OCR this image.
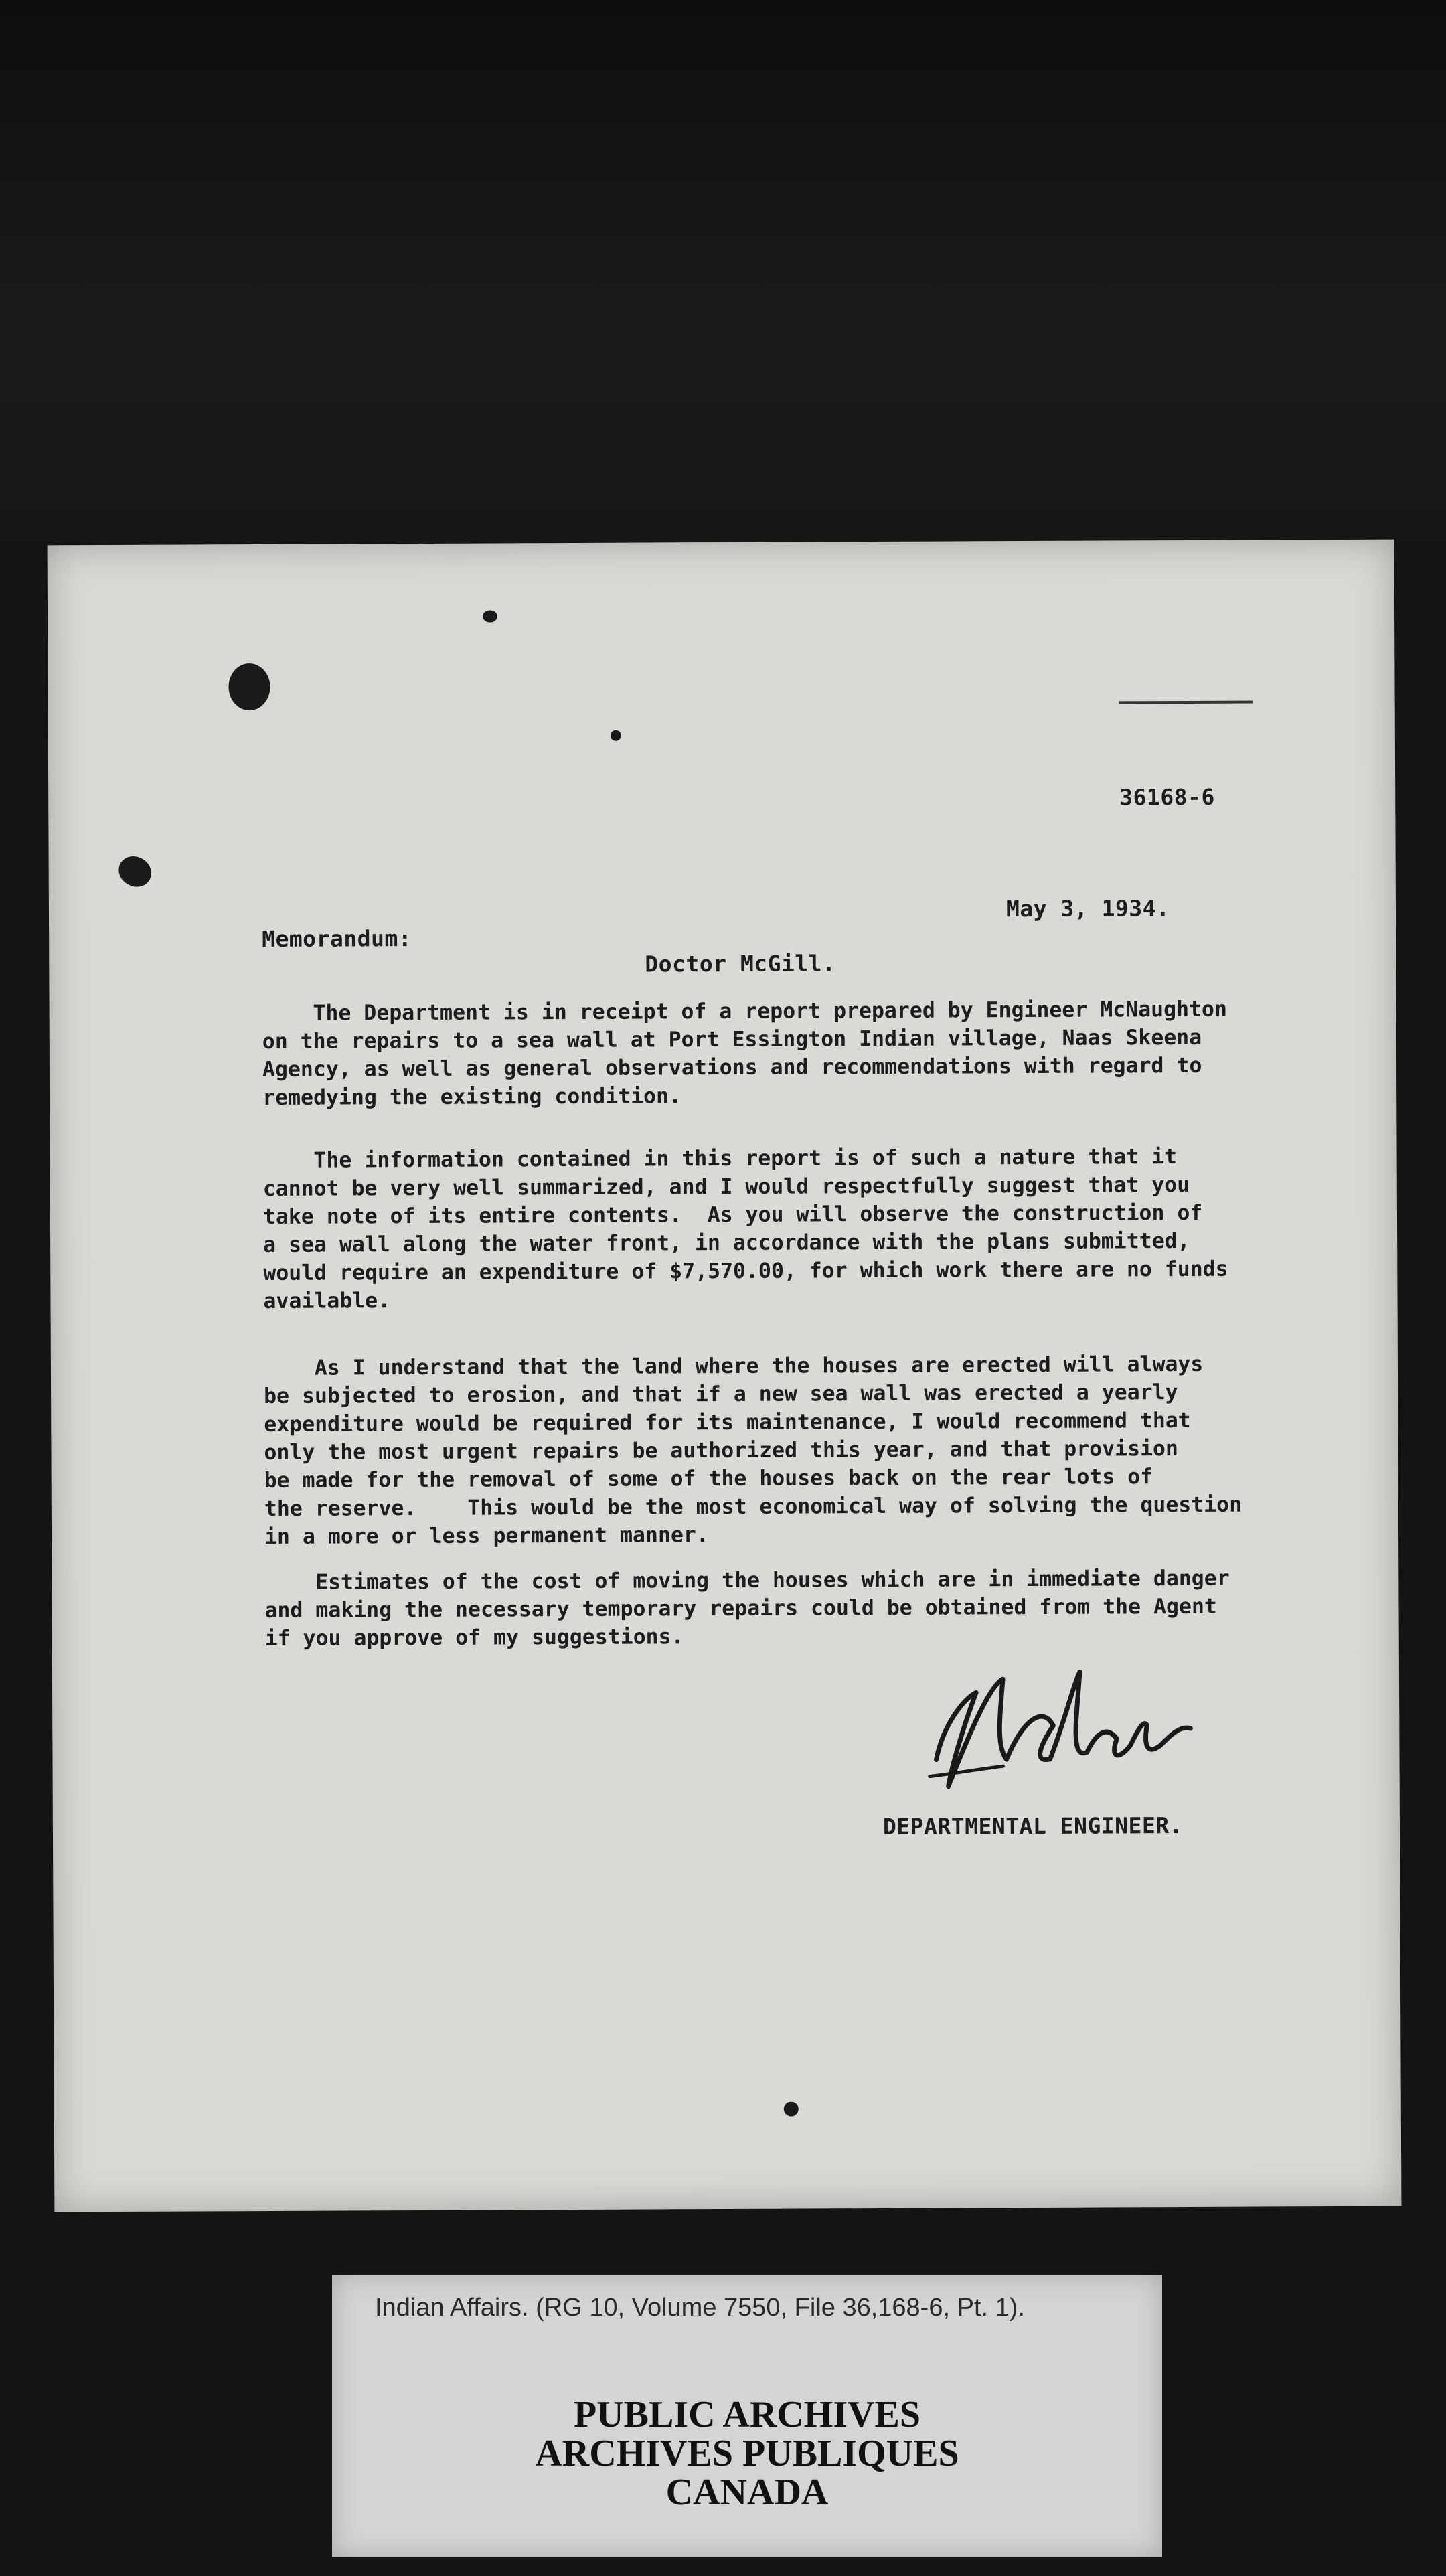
36168-6
May 3, 1934.
Memorandum:
Doctor McGill.
The Department is in receipt of a report prepared by Engineer McNaughton
on the repairs to a sea wall at Port Essington Indian village, Naas Skeena
Agency, as well as general observations and recommendations with regard to
remedying the existing condition.
The information contained in this report is of such a nature that it
cannot be very well summarized, and I would respectfully suggest that you
take note of its entire contents.  As you will observe the construction of
a sea wall along the water front, in accordance with the plans submitted,
would require an expenditure of $7,570.00, for which work there are no funds
available.
As I understand that the land where the houses are erected will always
be subjected to erosion, and that if a new sea wall was erected a yearly
expenditure would be required for its maintenance, I would recommend that
only the most urgent repairs be authorized this year, and that provision
be made for the removal of some of the houses back on the rear lots of
the reserve.    This would be the most economical way of solving the question
in a more or less permanent manner.
Estimates of the cost of moving the houses which are in immediate danger
and making the necessary temporary repairs could be obtained from the Agent
if you approve of my suggestions.
DEPARTMENTAL ENGINEER.
Indian Affairs. (RG 10, Volume 7550, File 36,168-6, Pt. 1).
PUBLIC ARCHIVES
ARCHIVES PUBLIQUES
CANADA
